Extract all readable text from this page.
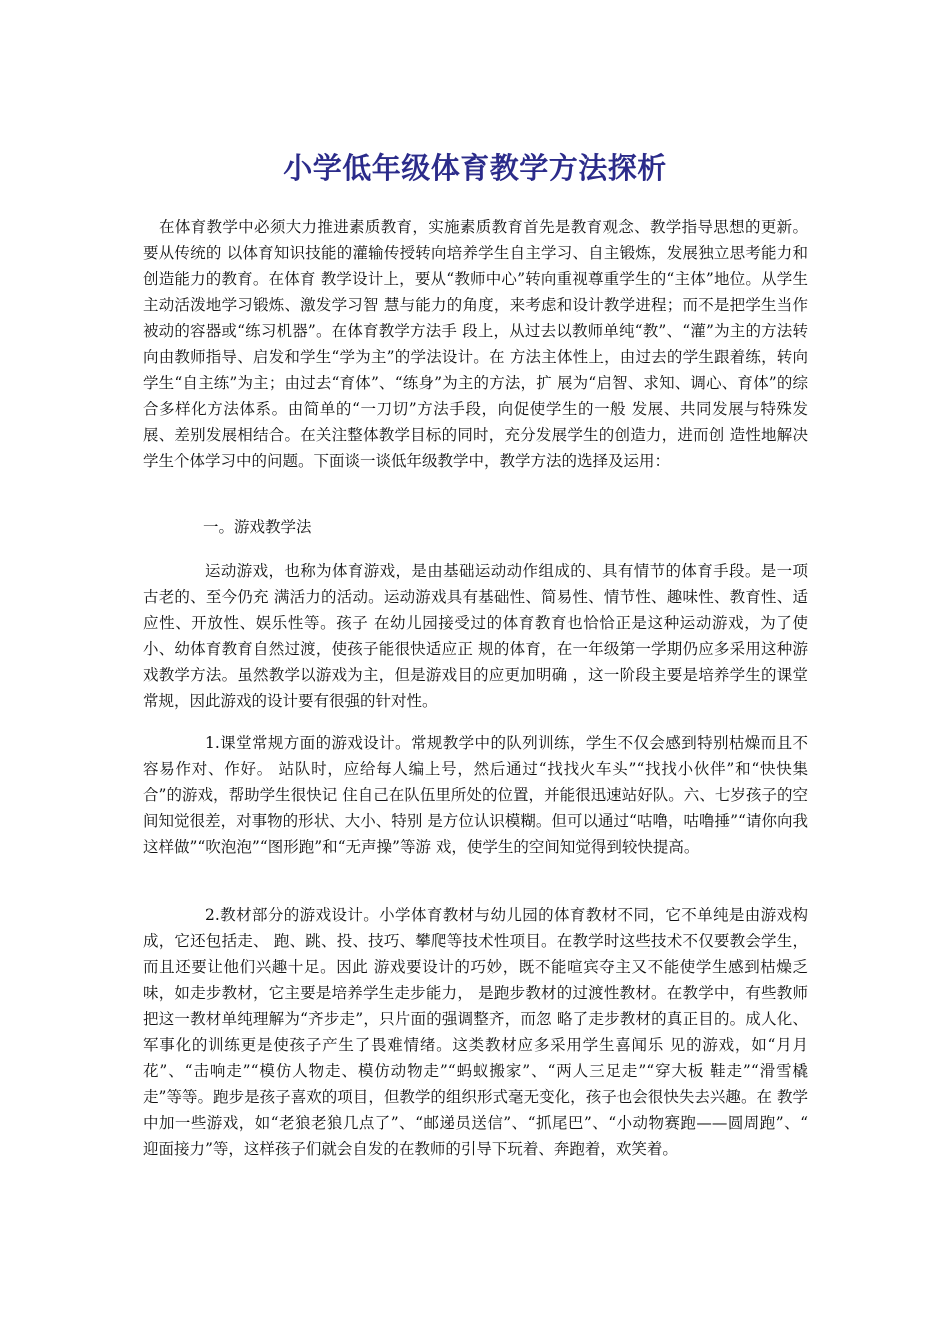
小学低年级体育教学方法探析

在体育教学中必须大力推进素质教育，实施素质教育首先是教育观念、教学指导思想的更新。要从传统的 以体育知识技能的灌输传授转向培养学生自主学习、自主锻炼，发展独立思考能力和创造能力的教育。在体育 教学设计上，要从“教师中心”转向重视尊重学生的“主体”地位。从学生主动活泼地学习锻炼、激发学习智 慧与能力的角度，来考虑和设计教学进程；而不是把学生当作被动的容器或“练习机器”。在体育教学方法手 段上，从过去以教师单纯“教”、“灌”为主的方法转向由教师指导、启发和学生“学为主”的学法设计。在 方法主体性上，由过去的学生跟着练，转向学生“自主练”为主；由过去“育体”、“练身”为主的方法，扩 展为“启智、求知、调心、育体”的综合多样化方法体系。由简单的“一刀切”方法手段，向促使学生的一般 发展、共同发展与特殊发展、差别发展相结合。在关注整体教学目标的同时，充分发展学生的创造力，进而创 造性地解决学生个体学习中的问题。下面谈一谈低年级教学中，教学方法的选择及运用：

一。游戏教学法

运动游戏，也称为体育游戏，是由基础运动动作组成的、具有情节的体育手段。是一项古老的、至今仍充 满活力的活动。运动游戏具有基础性、简易性、情节性、趣味性、教育性、适应性、开放性、娱乐性等。孩子 在幼儿园接受过的体育教育也恰恰正是这种运动游戏，为了使小、幼体育教育自然过渡，使孩子能很快适应正 规的体育，在一年级第一学期仍应多采用这种游戏教学方法。虽然教学以游戏为主，但是游戏目的应更加明确 ，这一阶段主要是培养学生的课堂常规，因此游戏的设计要有很强的针对性。

1.课堂常规方面的游戏设计。常规教学中的队列训练，学生不仅会感到特别枯燥而且不容易作对、作好。 站队时，应给每人编上号，然后通过“找找火车头”“找找小伙伴”和“快快集合”的游戏，帮助学生很快记 住自己在队伍里所处的位置，并能很迅速站好队。六、七岁孩子的空间知觉很差，对事物的形状、大小、特别 是方位认识模糊。但可以通过“咕噜，咕噜捶”“请你向我这样做”“吹泡泡”“图形跑”和“无声操”等游 戏，使学生的空间知觉得到较快提高。

2.教材部分的游戏设计。小学体育教材与幼儿园的体育教材不同，它不单纯是由游戏构成，它还包括走、 跑、跳、投、技巧、攀爬等技术性项目。在教学时这些技术不仅要教会学生，而且还要让他们兴趣十足。因此 游戏要设计的巧妙，既不能喧宾夺主又不能使学生感到枯燥乏味，如走步教材，它主要是培养学生走步能力， 是跑步教材的过渡性教材。在教学中，有些教师把这一教材单纯理解为“齐步走”，只片面的强调整齐，而忽 略了走步教材的真正目的。成人化、军事化的训练更是使孩子产生了畏难情绪。这类教材应多采用学生喜闻乐 见的游戏，如“月月花”、“击响走”“模仿人物走、模仿动物走”“蚂蚁搬家”、“两人三足走”“穿大板 鞋走”“滑雪橇走”等等。跑步是孩子喜欢的项目，但教学的组织形式毫无变化，孩子也会很快失去兴趣。在 教学中加一些游戏，如“老狼老狼几点了”、“邮递员送信”、“抓尾巴”、“小动物赛跑——圆周跑”、“ 迎面接力”等，这样孩子们就会自发的在教师的引导下玩着、奔跑着，欢笑着。
